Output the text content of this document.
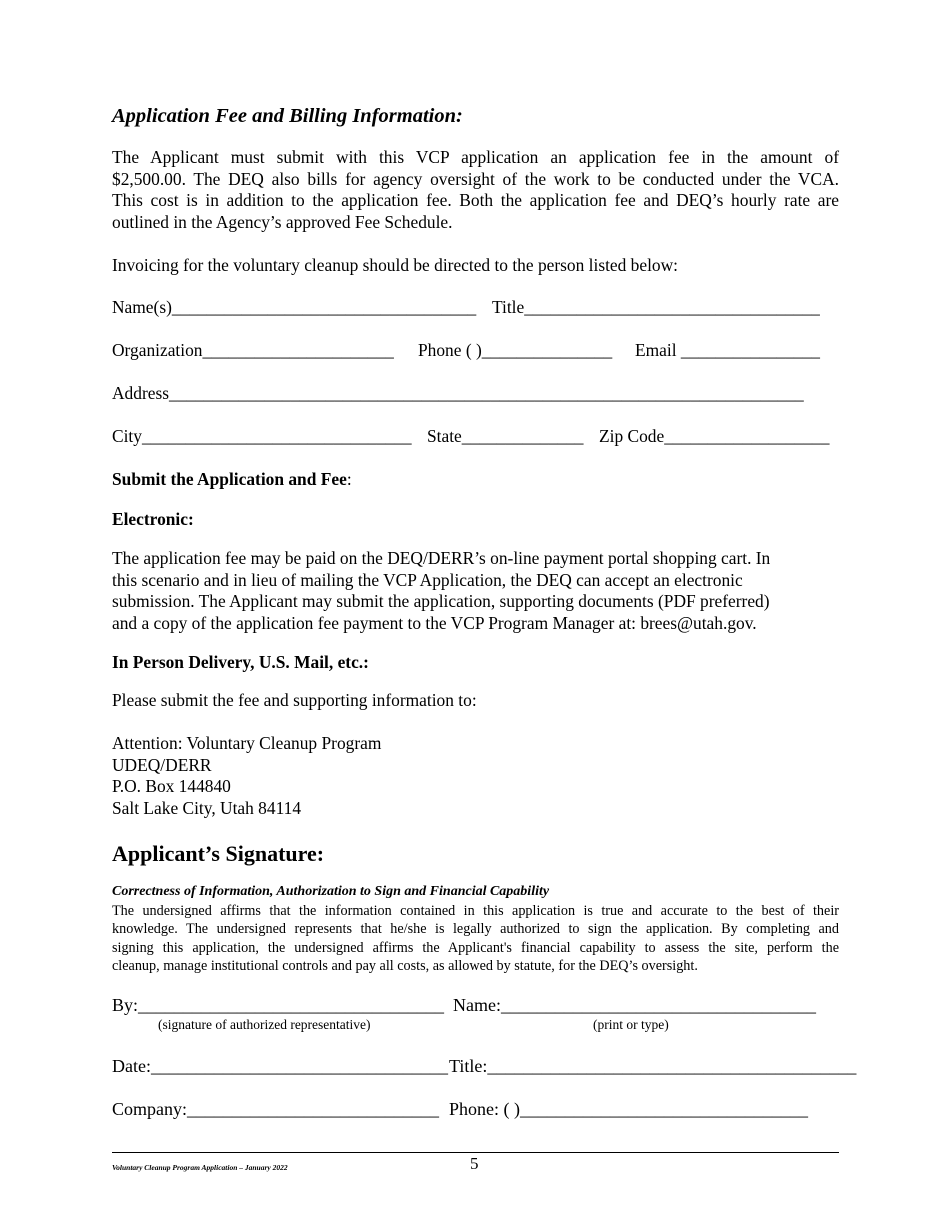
Application Fee and Billing Information:
The Applicant must submit with this VCP application an application fee in the amount of
$2,500.00. The DEQ also bills for agency oversight of the work to be conducted under the VCA.
This cost is in addition to the application fee. Both the application fee and DEQ’s hourly rate are
outlined in the Agency’s approved Fee Schedule.
Invoicing for the voluntary cleanup should be directed to the person listed below:
Name(s)___________________________________ Title__________________________________
Organization______________________ Phone ( )_______________ Email ________________
Address_________________________________________________________________________
City_______________________________ State______________ Zip Code___________________
Submit the Application and Fee:
Electronic:
The application fee may be paid on the DEQ/DERR’s on-line payment portal shopping cart. In
this scenario and in lieu of mailing the VCP Application, the DEQ can accept an electronic
submission. The Applicant may submit the application, supporting documents (PDF preferred)
and a copy of the application fee payment to the VCP Program Manager at: brees@utah.gov.
In Person Delivery, U.S. Mail, etc.:
Please submit the fee and supporting information to:
Attention: Voluntary Cleanup Program
UDEQ/DERR
P.O. Box 144840
Salt Lake City, Utah 84114
Applicant’s Signature:
Correctness of Information, Authorization to Sign and Financial Capability
The undersigned affirms that the information contained in this application is true and accurate to the best of their
knowledge. The undersigned represents that he/she is legally authorized to sign the application. By completing and
signing this application, the undersigned affirms the Applicant's financial capability to assess the site, perform the
cleanup, manage institutional controls and pay all costs, as allowed by statute, for the DEQ’s oversight.
By:__________________________________ Name:___________________________________
(signature of authorized representative)	(print or type)
Date:_________________________________ Title:_________________________________________
Company:____________________________ Phone: ( )________________________________
Voluntary Cleanup Program Application – January 2022	5
